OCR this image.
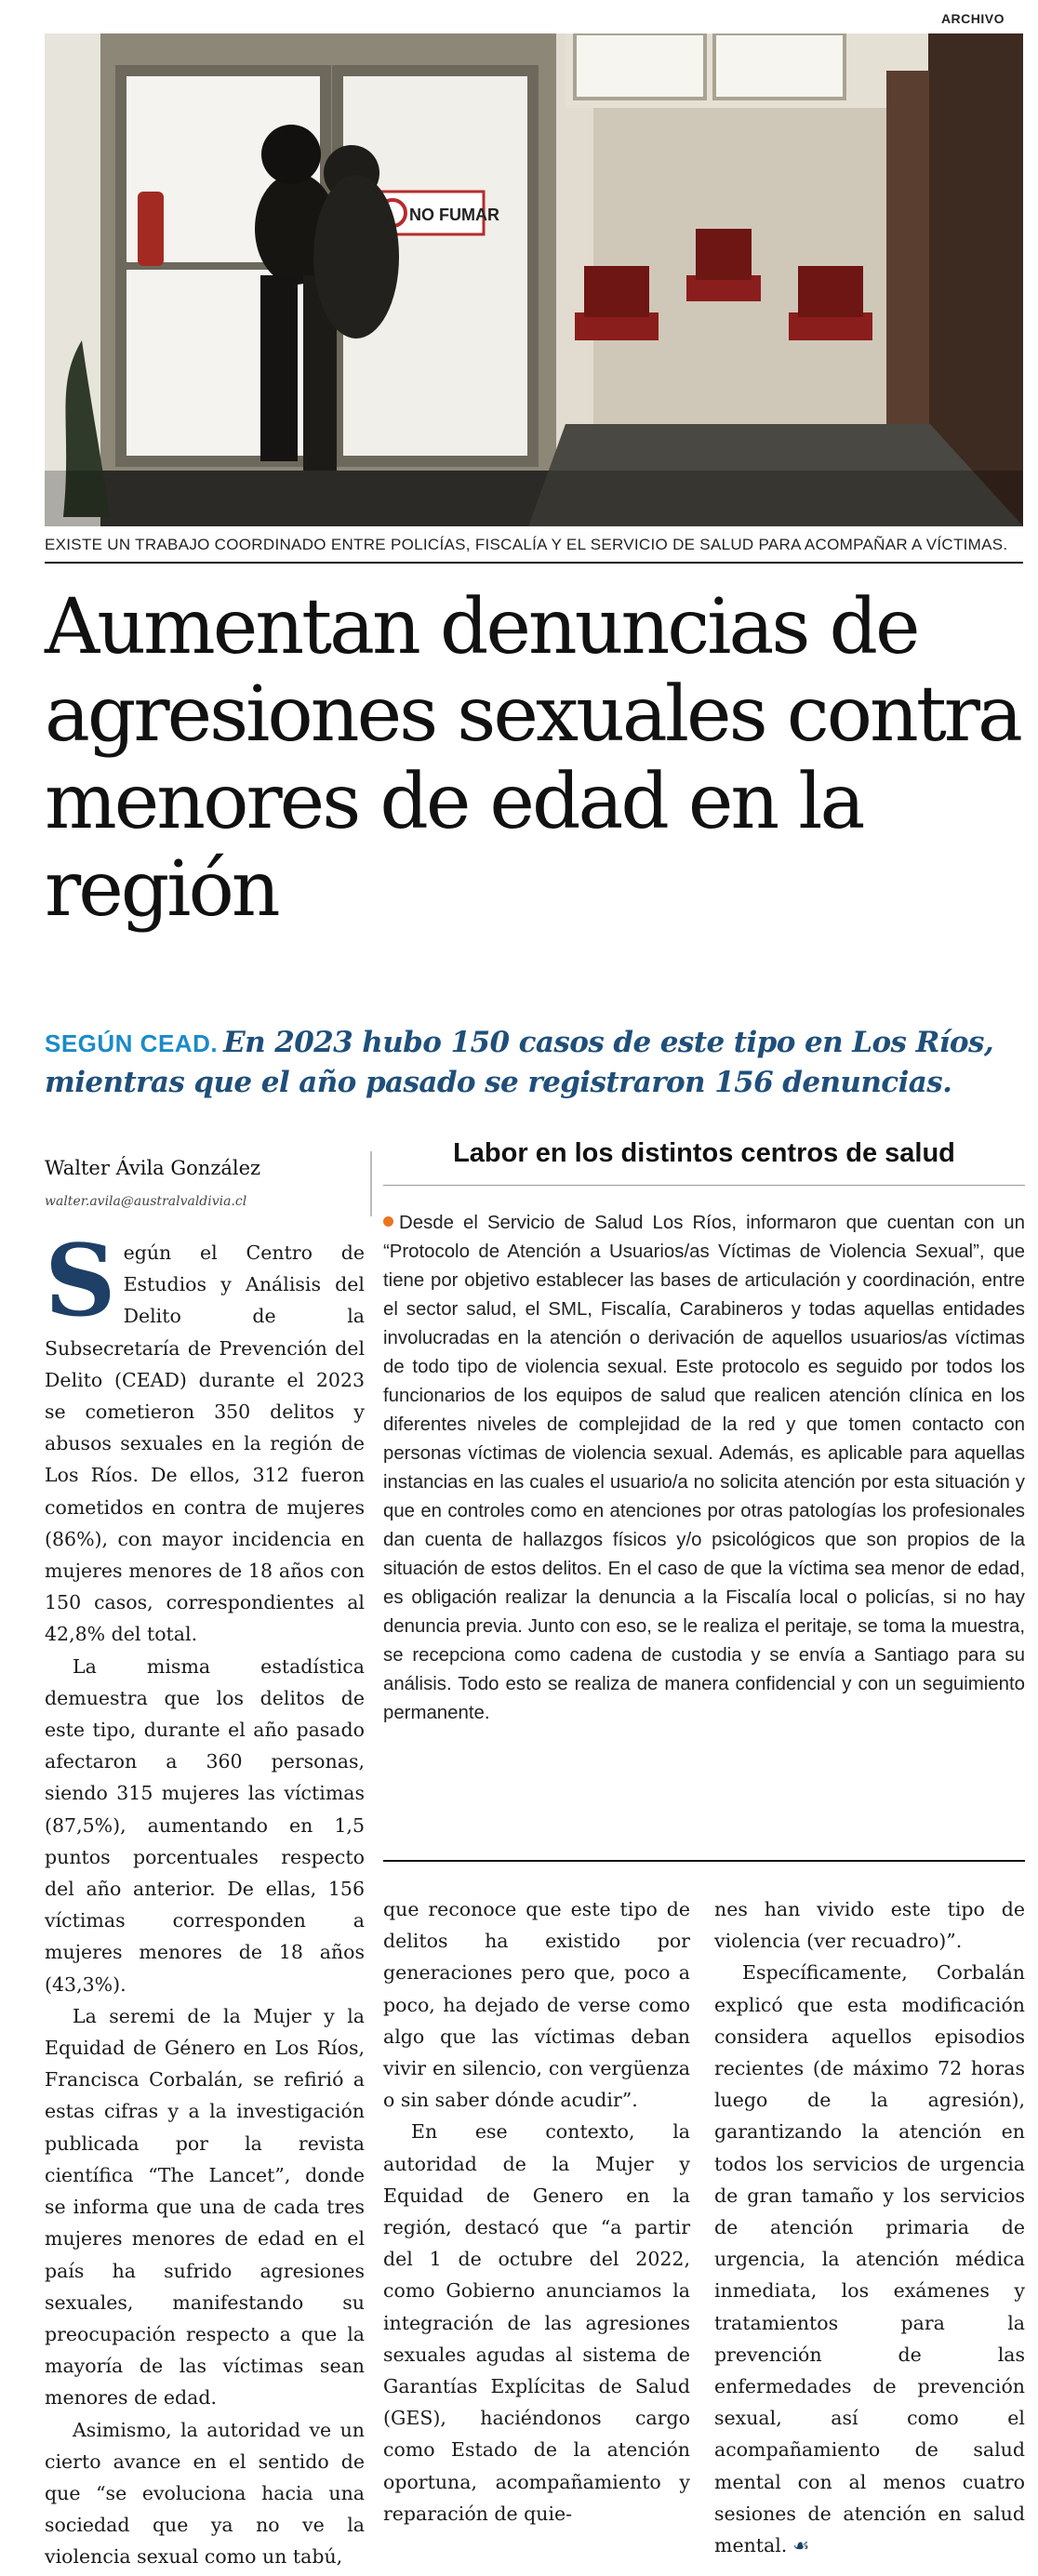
ARCHIVO
NO FUMAR
EXISTE UN TRABAJO COORDINADO ENTRE POLICÍAS, FISCALÍA Y EL SERVICIO DE SALUD PARA ACOMPAÑAR A VÍCTIMAS.
Aumentan denuncias de agresiones sexuales contra menores de edad en la región
SEGÚN CEAD. En 2023 hubo 150 casos de este tipo en Los Ríos, mientras que el año pasado se registraron 156 denuncias.
Walter Ávila González
walter.avila@australvaldivia.cl
Labor en los distintos centros de salud

Desde el Servicio de Salud Los Ríos, informaron que cuentan con un “Protocolo de Atención a Usuarios/as Víctimas de Violencia Sexual”, que tiene por objetivo establecer las bases de articulación y coordinación, entre el sector salud, el SML, Fiscalía, Carabineros y todas aquellas entidades involucradas en la atención o derivación de aquellos usuarios/as víctimas de todo tipo de violencia sexual. Este protocolo es seguido por todos los funcionarios de los equipos de salud que realicen atención clínica en los diferentes niveles de complejidad de la red y que tomen contacto con personas víctimas de violencia sexual. Además, es aplicable para aquellas instancias en las cuales el usuario/a no solicita atención por esta situación y que en controles como en atenciones por otras patologías los profesionales dan cuenta de hallazgos físicos y/o psicológicos que son propios de la situación de estos delitos. En el caso de que la víctima sea menor de edad, es obligación realizar la denuncia a la Fiscalía local o policías, si no hay denuncia previa. Junto con eso, se le realiza el peritaje, se toma la muestra, se recepciona como cadena de custodia y se envía a Santiago para su análisis. Todo esto se realiza de manera confidencial y con un seguimiento permanente.

Según el Centro de Estudios y Análisis del Delito de la Subsecretaría de Prevención del Delito (CEAD) durante el 2023 se cometieron 350 delitos y abusos sexuales en la región de Los Ríos. De ellos, 312 fueron cometidos en contra de mujeres (86%), con mayor incidencia en mujeres menores de 18 años con 150 casos, correspondientes al 42,8% del total.

La misma estadística demuestra que los delitos de este tipo, durante el año pasado afectaron a 360 personas, siendo 315 mujeres las víctimas (87,5%), aumentando en 1,5 puntos porcentuales respecto del año anterior. De ellas, 156 víctimas corresponden a mujeres menores de 18 años (43,3%).

La seremi de la Mujer y la Equidad de Género en Los Ríos, Francisca Corbalán, se refirió a estas cifras y a la investigación publicada por la revista científica “The Lancet”, donde se informa que una de cada tres mujeres menores de edad en el país ha sufrido agresiones sexuales, manifestando su preocupación respecto a que la mayoría de las víctimas sean menores de edad.

Asimismo, la autoridad ve un cierto avance en el sentido de que “se evoluciona hacia una sociedad que ya no ve la violencia sexual como un tabú,

que reconoce que este tipo de delitos ha existido por generaciones pero que, poco a poco, ha dejado de verse como algo que las víctimas deban vivir en silencio, con vergüenza o sin saber dónde acudir”.

En ese contexto, la autoridad de la Mujer y Equidad de Genero en la región, destacó que “a partir del 1 de octubre del 2022, como Gobierno anunciamos la integración de las agresiones sexuales agudas al sistema de Garantías Explícitas de Salud (GES), haciéndonos cargo como Estado de la atención oportuna, acompañamiento y reparación de quie-

nes han vivido este tipo de violencia (ver recuadro)”.

Específicamente, Corbalán explicó que esta modificación considera aquellos episodios recientes (de máximo 72 horas luego de la agresión), garantizando la atención en todos los servicios de urgencia de gran tamaño y los servicios de atención primaria de urgencia, la atención médica inmediata, los exámenes y tratamientos para la prevención de las enfermedades de prevención sexual, así como el acompañamiento de salud mental con al menos cuatro sesiones de atención en salud mental. ☙
